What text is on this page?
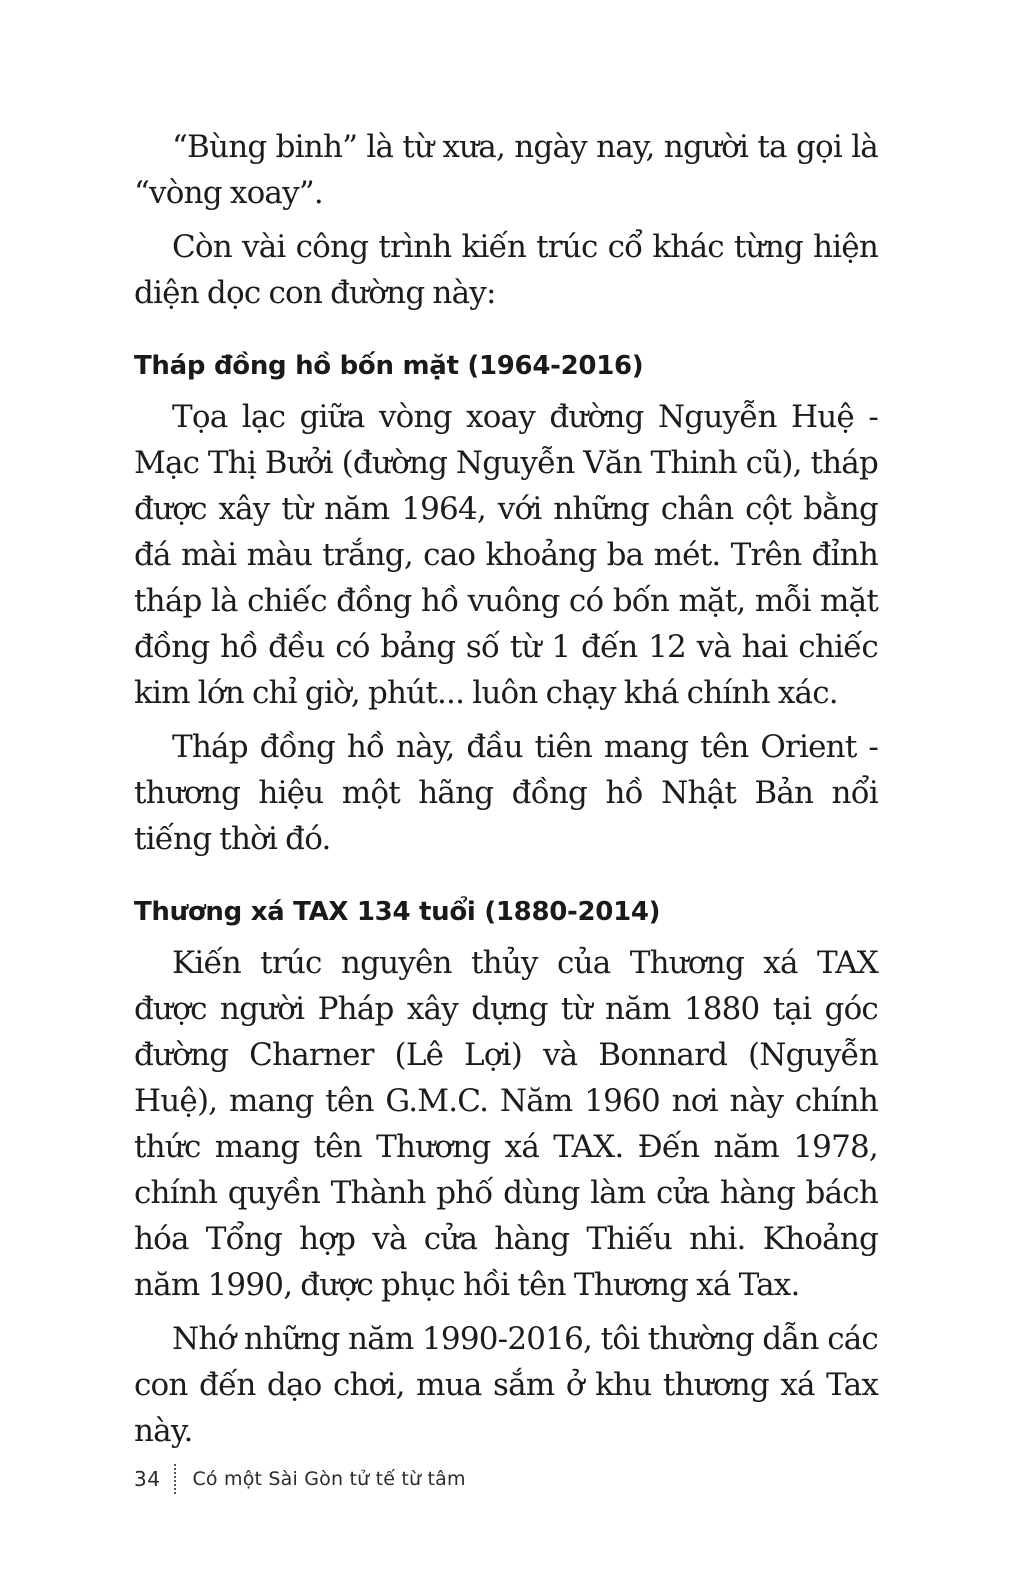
“Bùng binh” là từ xưa, ngày nay, người ta gọi là “vòng xoay”.

Còn vài công trình kiến trúc cổ khác từng hiện diện dọc con đường này:

Tháp đồng hồ bốn mặt (1964-2016)

Tọa lạc giữa vòng xoay đường Nguyễn Huệ - Mạc Thị Bưởi (đường Nguyễn Văn Thinh cũ), tháp được xây từ năm 1964, với những chân cột bằng đá mài màu trắng, cao khoảng ba mét. Trên đỉnh tháp là chiếc đồng hồ vuông có bốn mặt, mỗi mặt đồng hồ đều có bảng số từ 1 đến 12 và hai chiếc kim lớn chỉ giờ, phút... luôn chạy khá chính xác.

Tháp đồng hồ này, đầu tiên mang tên Orient - thương hiệu một hãng đồng hồ Nhật Bản nổi tiếng thời đó.

Thương xá TAX 134 tuổi (1880-2014)

Kiến trúc nguyên thủy của Thương xá TAX được người Pháp xây dựng từ năm 1880 tại góc đường Charner (Lê Lợi) và Bonnard (Nguyễn Huệ), mang tên G.M.C. Năm 1960 nơi này chính thức mang tên Thương xá TAX. Đến năm 1978, chính quyền Thành phố dùng làm cửa hàng bách hóa Tổng hợp và cửa hàng Thiếu nhi. Khoảng năm 1990, được phục hồi tên Thương xá Tax.

Nhớ những năm 1990-2016, tôi thường dẫn các con đến dạo chơi, mua sắm ở khu thương xá Tax này.

34 Có một Sài Gòn tử tế từ tâm
